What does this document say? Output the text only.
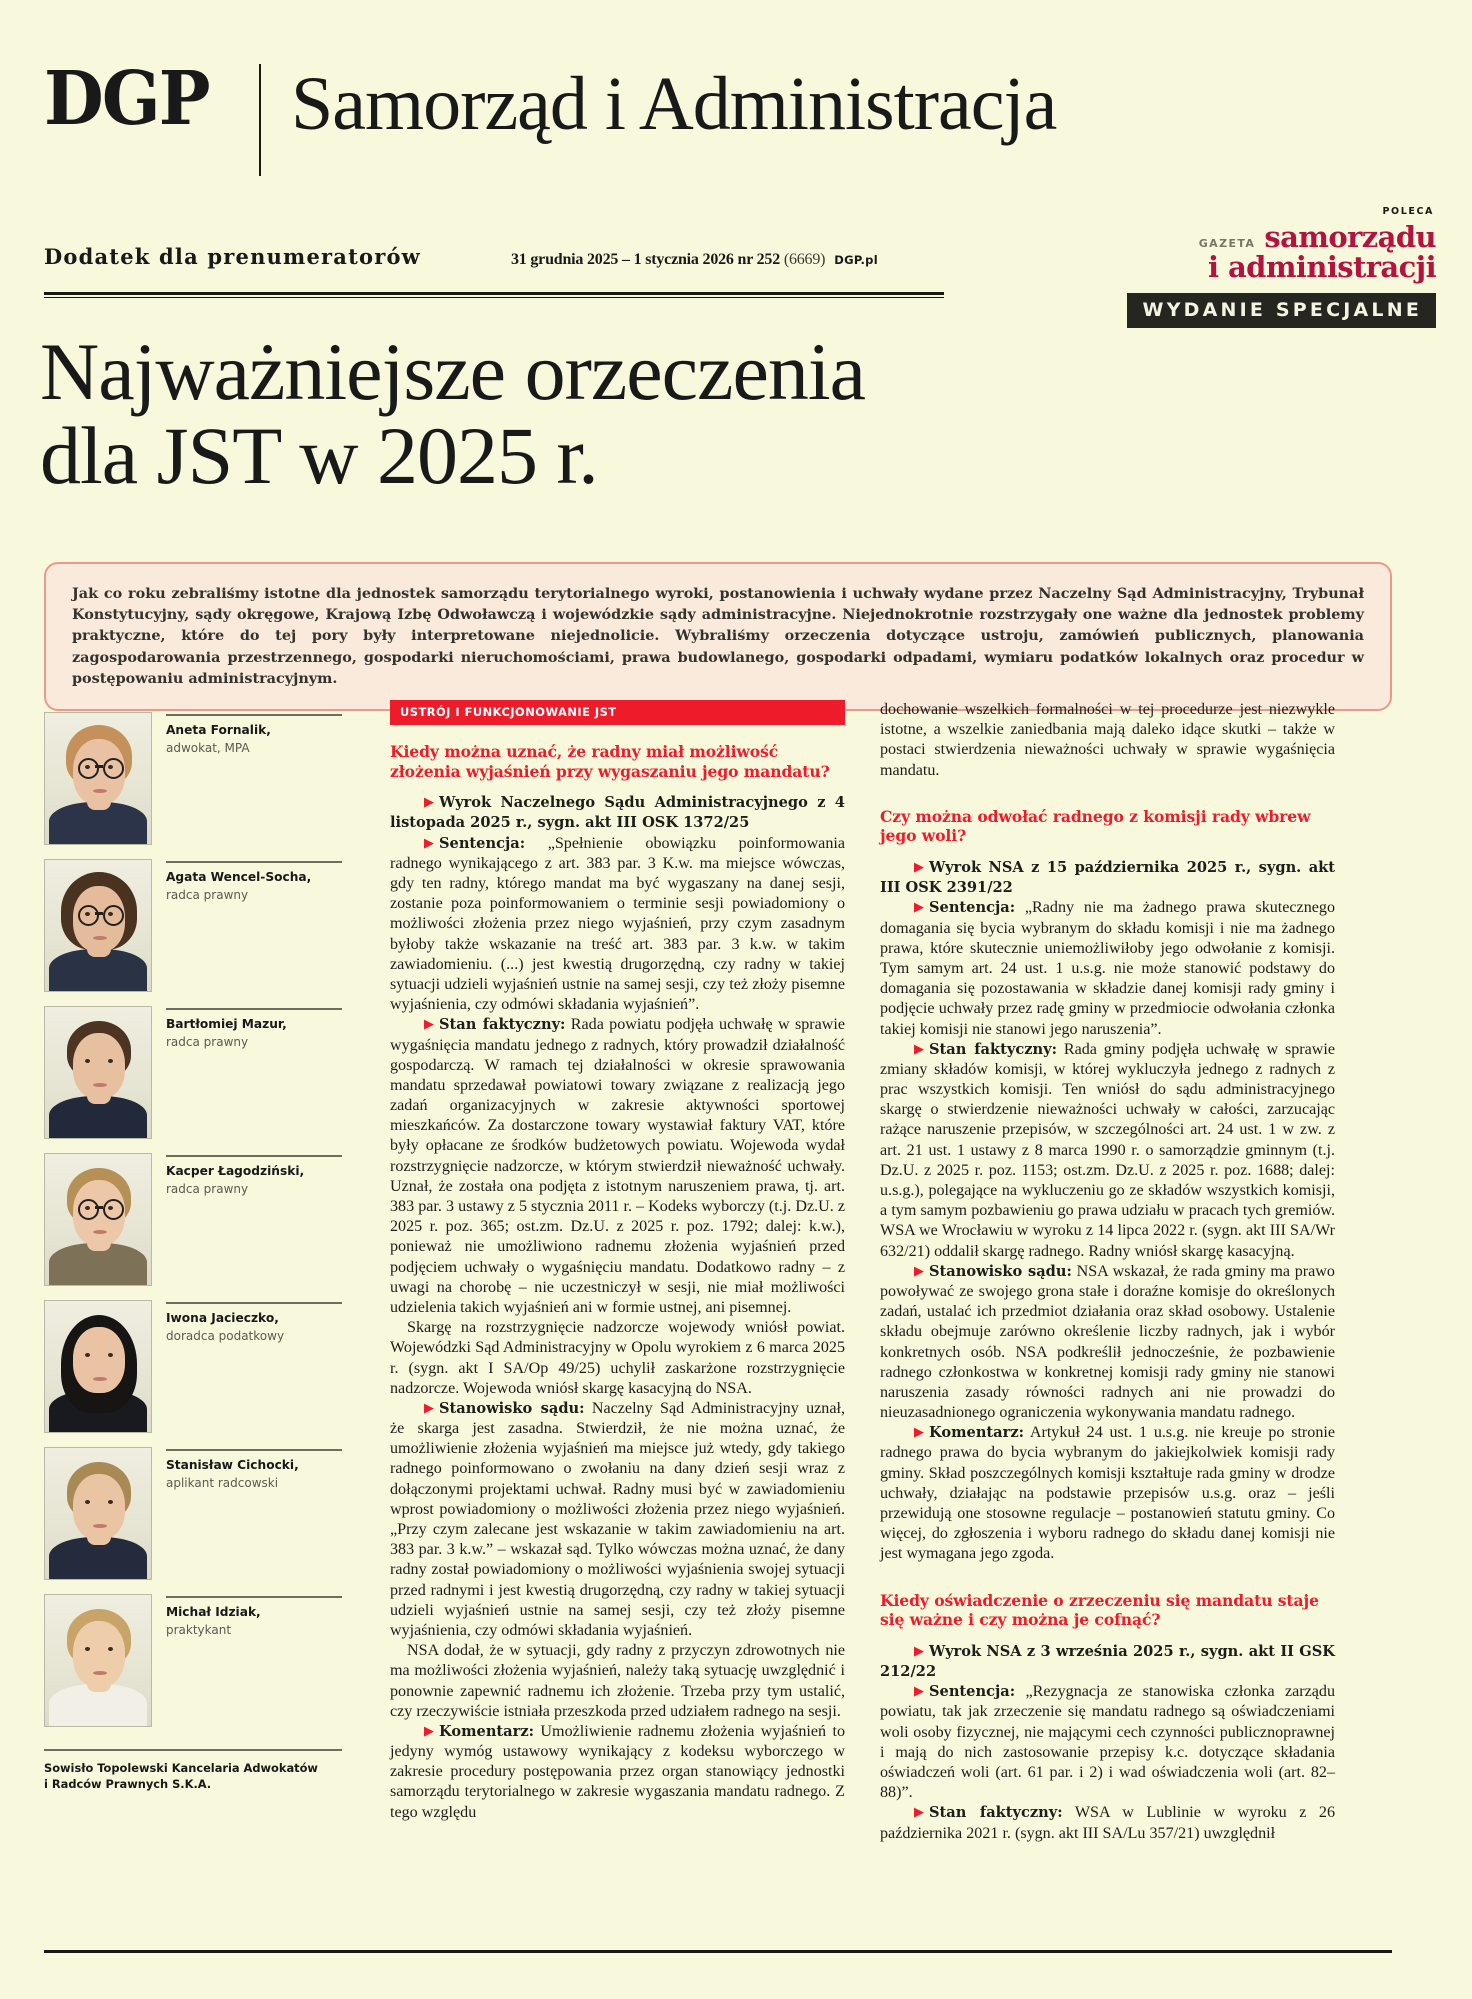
DGP Samorząd i Administracja
POLECA
GAZETA samorządu
i administracji
WYDANIE SPECJALNE
Dodatek dla prenumeratorów	31 grudnia 2025 – 1 stycznia 2026 nr 252 (6669) DGP.pl
Najważniejsze orzeczenia
dla JST w 2025 r.

Jak co roku zebraliśmy istotne dla jednostek samorządu terytorialnego wyroki, postanowienia i uchwały wydane przez Naczelny Sąd Administracyjny, Trybunał Konstytucyjny, sądy okręgowe, Krajową Izbę Odwoławczą i wojewódzkie sądy administracyjne. Niejednokrotnie rozstrzygały one ważne dla jednostek problemy praktyczne, które do tej pory były interpretowane niejednolicie. Wybraliśmy orzeczenia dotyczące ustroju, zamówień publicznych, planowania zagospodarowania przestrzennego, gospodarki nieruchomościami, prawa budowlanego, gospodarki odpadami, wymiaru podatków lokalnych oraz procedur w postępowaniu administracyjnym.

Aneta Fornalik,
adwokat, MPA
Agata Wencel-Socha,
radca prawny
Bartłomiej Mazur,
radca prawny
Kacper Łagodziński,
radca prawny
Iwona Jacieczko,
doradca podatkowy
Stanisław Cichocki,
aplikant radcowski
Michał Idziak,
praktykant
Sowisło Topolewski Kancelaria Adwokatów
i Radców Prawnych S.K.A.
USTRÓJ I FUNKCJONOWANIE JST

Kiedy można uznać, że radny miał możliwość złożenia wyjaśnień przy wygaszaniu jego mandatu?

▶ Wyrok Naczelnego Sądu Administracyjnego z 4 listopada 2025 r., sygn. akt III OSK 1372/25

▶ Sentencja: „Spełnienie obowiązku poinformowania radnego wynikającego z art. 383 par. 3 K.w. ma miejsce wówczas, gdy ten radny, którego mandat ma być wygaszany na danej sesji, zostanie poza poinformowaniem o terminie sesji powiadomiony o możliwości złożenia przez niego wyjaśnień, przy czym zasadnym byłoby także wskazanie na treść art. 383 par. 3 k.w. w takim zawiadomieniu. (...) jest kwestią drugorzędną, czy radny w takiej sytuacji udzieli wyjaśnień ustnie na samej sesji, czy też złoży pisemne wyjaśnienia, czy odmówi składania wyjaśnień”.

▶ Stan faktyczny: Rada powiatu podjęła uchwałę w sprawie wygaśnięcia mandatu jednego z radnych, który prowadził działalność gospodarczą. W ramach tej działalności w okresie sprawowania mandatu sprzedawał powiatowi towary związane z realizacją jego zadań organizacyjnych w zakresie aktywności sportowej mieszkańców. Za dostarczone towary wystawiał faktury VAT, które były opłacane ze środków budżetowych powiatu. Wojewoda wydał rozstrzygnięcie nadzorcze, w którym stwierdził nieważność uchwały. Uznał, że została ona podjęta z istotnym naruszeniem prawa, tj. art. 383 par. 3 ustawy z 5 stycznia 2011 r. – Kodeks wyborczy (t.j. Dz.U. z 2025 r. poz. 365; ost.zm. Dz.U. z 2025 r. poz. 1792; dalej: k.w.), ponieważ nie umożliwiono radnemu złożenia wyjaśnień przed podjęciem uchwały o wygaśnięciu mandatu. Dodatkowo radny – z uwagi na chorobę – nie uczestniczył w sesji, nie miał możliwości udzielenia takich wyjaśnień ani w formie ustnej, ani pisemnej.

Skargę na rozstrzygnięcie nadzorcze wojewody wniósł powiat. Wojewódzki Sąd Administracyjny w Opolu wyrokiem z 6 marca 2025 r. (sygn. akt I SA/Op 49/25) uchylił zaskarżone rozstrzygnięcie nadzorcze. Wojewoda wniósł skargę kasacyjną do NSA.

▶ Stanowisko sądu: Naczelny Sąd Administracyjny uznał, że skarga jest zasadna. Stwierdził, że nie można uznać, że umożliwienie złożenia wyjaśnień ma miejsce już wtedy, gdy takiego radnego poinformowano o zwołaniu na dany dzień sesji wraz z dołączonymi projektami uchwał. Radny musi być w zawiadomieniu wprost powiadomiony o możliwości złożenia przez niego wyjaśnień. „Przy czym zalecane jest wskazanie w takim zawiadomieniu na art. 383 par. 3 k.w.” – wskazał sąd. Tylko wówczas można uznać, że dany radny został powiadomiony o możliwości wyjaśnienia swojej sytuacji przed radnymi i jest kwestią drugorzędną, czy radny w takiej sytuacji udzieli wyjaśnień ustnie na samej sesji, czy też złoży pisemne wyjaśnienia, czy odmówi składania wyjaśnień.

NSA dodał, że w sytuacji, gdy radny z przyczyn zdrowotnych nie ma możliwości złożenia wyjaśnień, należy taką sytuację uwzględnić i ponownie zapewnić radnemu ich złożenie. Trzeba przy tym ustalić, czy rzeczywiście istniała przeszkoda przed udziałem radnego na sesji.

▶ Komentarz: Umożliwienie radnemu złożenia wyjaśnień to jedyny wymóg ustawowy wynikający z kodeksu wyborczego w zakresie procedury postępowania przez organ stanowiący jednostki samorządu terytorialnego w zakresie wygaszania mandatu radnego. Z tego względu

dochowanie wszelkich formalności w tej procedurze jest niezwykle istotne, a wszelkie zaniedbania mają daleko idące skutki – także w postaci stwierdzenia nieważności uchwały w sprawie wygaśnięcia mandatu.

Czy można odwołać radnego z komisji rady wbrew jego woli?

▶ Wyrok NSA z 15 października 2025 r., sygn. akt III OSK 2391/22

▶ Sentencja: „Radny nie ma żadnego prawa skutecznego domagania się bycia wybranym do składu komisji i nie ma żadnego prawa, które skutecznie uniemożliwiłoby jego odwołanie z komisji. Tym samym art. 24 ust. 1 u.s.g. nie może stanowić podstawy do domagania się pozostawania w składzie danej komisji rady gminy i podjęcie uchwały przez radę gminy w przedmiocie odwołania członka takiej komisji nie stanowi jego naruszenia”.

▶ Stan faktyczny: Rada gminy podjęła uchwałę w sprawie zmiany składów komisji, w której wykluczyła jednego z radnych z prac wszystkich komisji. Ten wniósł do sądu administracyjnego skargę o stwierdzenie nieważności uchwały w całości, zarzucając rażące naruszenie przepisów, w szczególności art. 24 ust. 1 w zw. z art. 21 ust. 1 ustawy z 8 marca 1990 r. o samorządzie gminnym (t.j. Dz.U. z 2025 r. poz. 1153; ost.zm. Dz.U. z 2025 r. poz. 1688; dalej: u.s.g.), polegające na wykluczeniu go ze składów wszystkich komisji, a tym samym pozbawieniu go prawa udziału w pracach tych gremiów. WSA we Wrocławiu w wyroku z 14 lipca 2022 r. (sygn. akt III SA/Wr 632/21) oddalił skargę radnego. Radny wniósł skargę kasacyjną.

▶ Stanowisko sądu: NSA wskazał, że rada gminy ma prawo powoływać ze swojego grona stałe i doraźne komisje do określonych zadań, ustalać ich przedmiot działania oraz skład osobowy. Ustalenie składu obejmuje zarówno określenie liczby radnych, jak i wybór konkretnych osób. NSA podkreślił jednocześnie, że pozbawienie radnego członkostwa w konkretnej komisji rady gminy nie stanowi naruszenia zasady równości radnych ani nie prowadzi do nieuzasadnionego ograniczenia wykonywania mandatu radnego.

▶ Komentarz: Artykuł 24 ust. 1 u.s.g. nie kreuje po stronie radnego prawa do bycia wybranym do jakiejkolwiek komisji rady gminy. Skład poszczególnych komisji kształtuje rada gminy w drodze uchwały, działając na podstawie przepisów u.s.g. oraz – jeśli przewidują one stosowne regulacje – postanowień statutu gminy. Co więcej, do zgłoszenia i wyboru radnego do składu danej komisji nie jest wymagana jego zgoda.

Kiedy oświadczenie o zrzeczeniu się mandatu staje się ważne i czy można je cofnąć?

▶ Wyrok NSA z 3 września 2025 r., sygn. akt II GSK 212/22

▶ Sentencja: „Rezygnacja ze stanowiska członka zarządu powiatu, tak jak zrzeczenie się mandatu radnego są oświadczeniami woli osoby fizycznej, nie mającymi cech czynności publicznoprawnej i mają do nich zastosowanie przepisy k.c. dotyczące składania oświadczeń woli (art. 61 par. i 2) i wad oświadczenia woli (art. 82–88)”.

▶ Stan faktyczny: WSA w Lublinie w wyroku z 26 października 2021 r. (sygn. akt III SA/Lu 357/21) uwzględnił
